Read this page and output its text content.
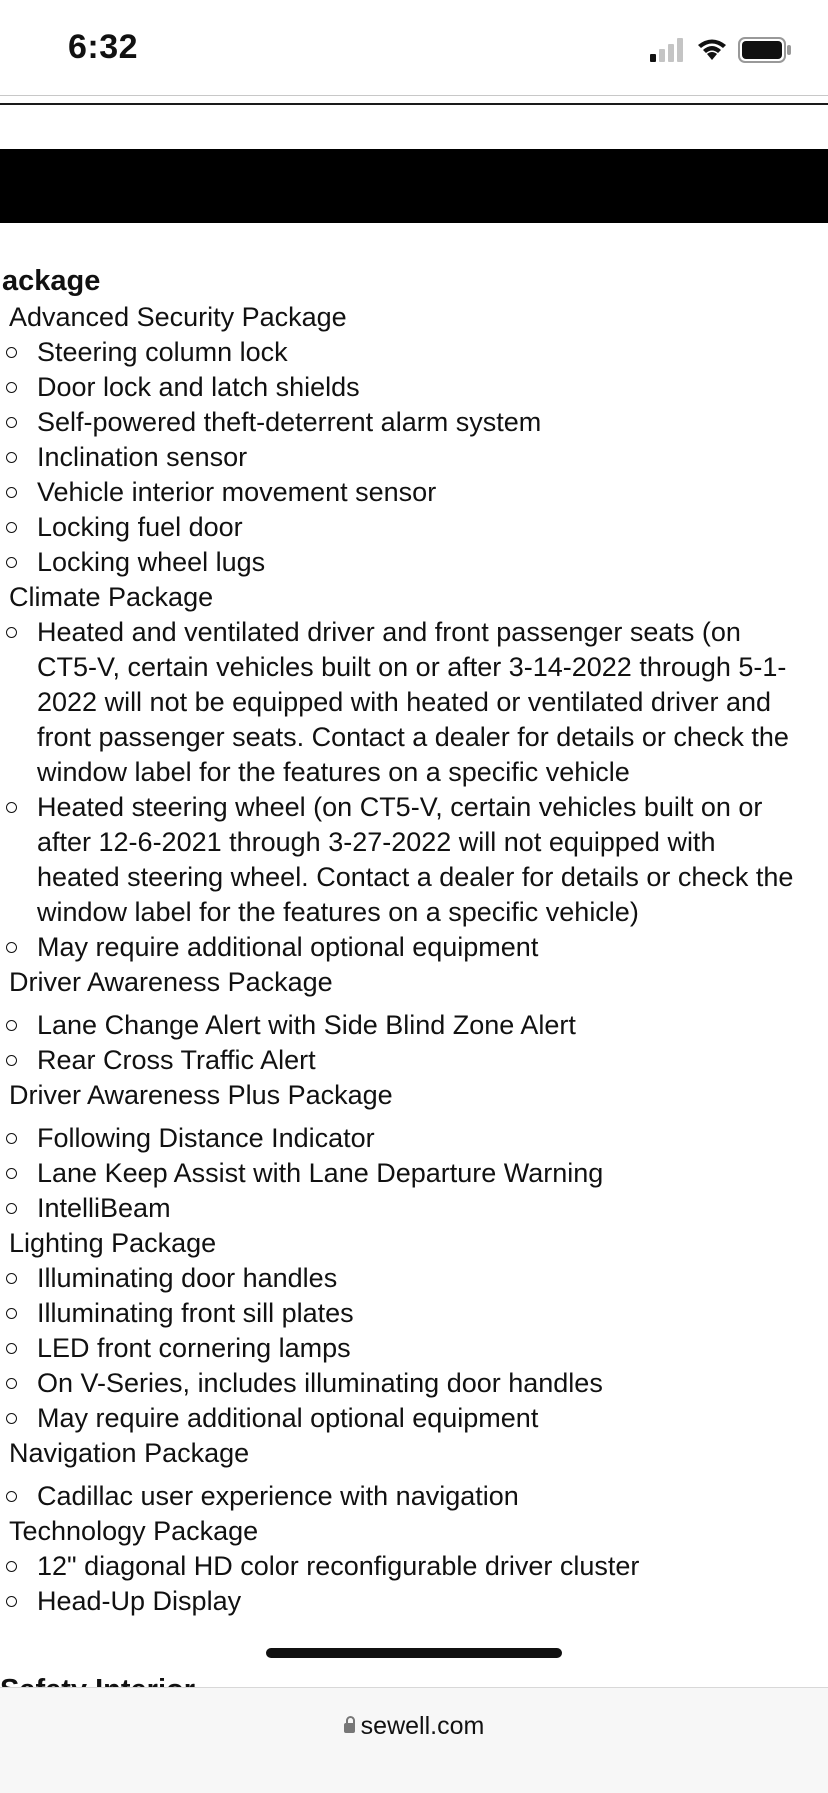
6:32
ackage
Advanced Security Package
Steering column lock
Door lock and latch shields
Self-powered theft-deterrent alarm system
Inclination sensor
Vehicle interior movement sensor
Locking fuel door
Locking wheel lugs
Climate Package
Heated and ventilated driver and front passenger seats (on CT5-V, certain vehicles built on or after 3-14-2022 through 5-1-2022 will not be equipped with heated or ventilated driver and front passenger seats. Contact a dealer for details or check the window label for the features on a specific vehicle
Heated steering wheel (on CT5-V, certain vehicles built on or after 12-6-2021 through 3-27-2022 will not equipped with heated steering wheel. Contact a dealer for details or check the window label for the features on a specific vehicle)
May require additional optional equipment
Driver Awareness Package
Lane Change Alert with Side Blind Zone Alert
Rear Cross Traffic Alert
Driver Awareness Plus Package
Following Distance Indicator
Lane Keep Assist with Lane Departure Warning
IntelliBeam
Lighting Package
Illuminating door handles
Illuminating front sill plates
LED front cornering lamps
On V-Series, includes illuminating door handles
May require additional optional equipment
Navigation Package
Cadillac user experience with navigation
Technology Package
12" diagonal HD color reconfigurable driver cluster
Head-Up Display
sewell.com
